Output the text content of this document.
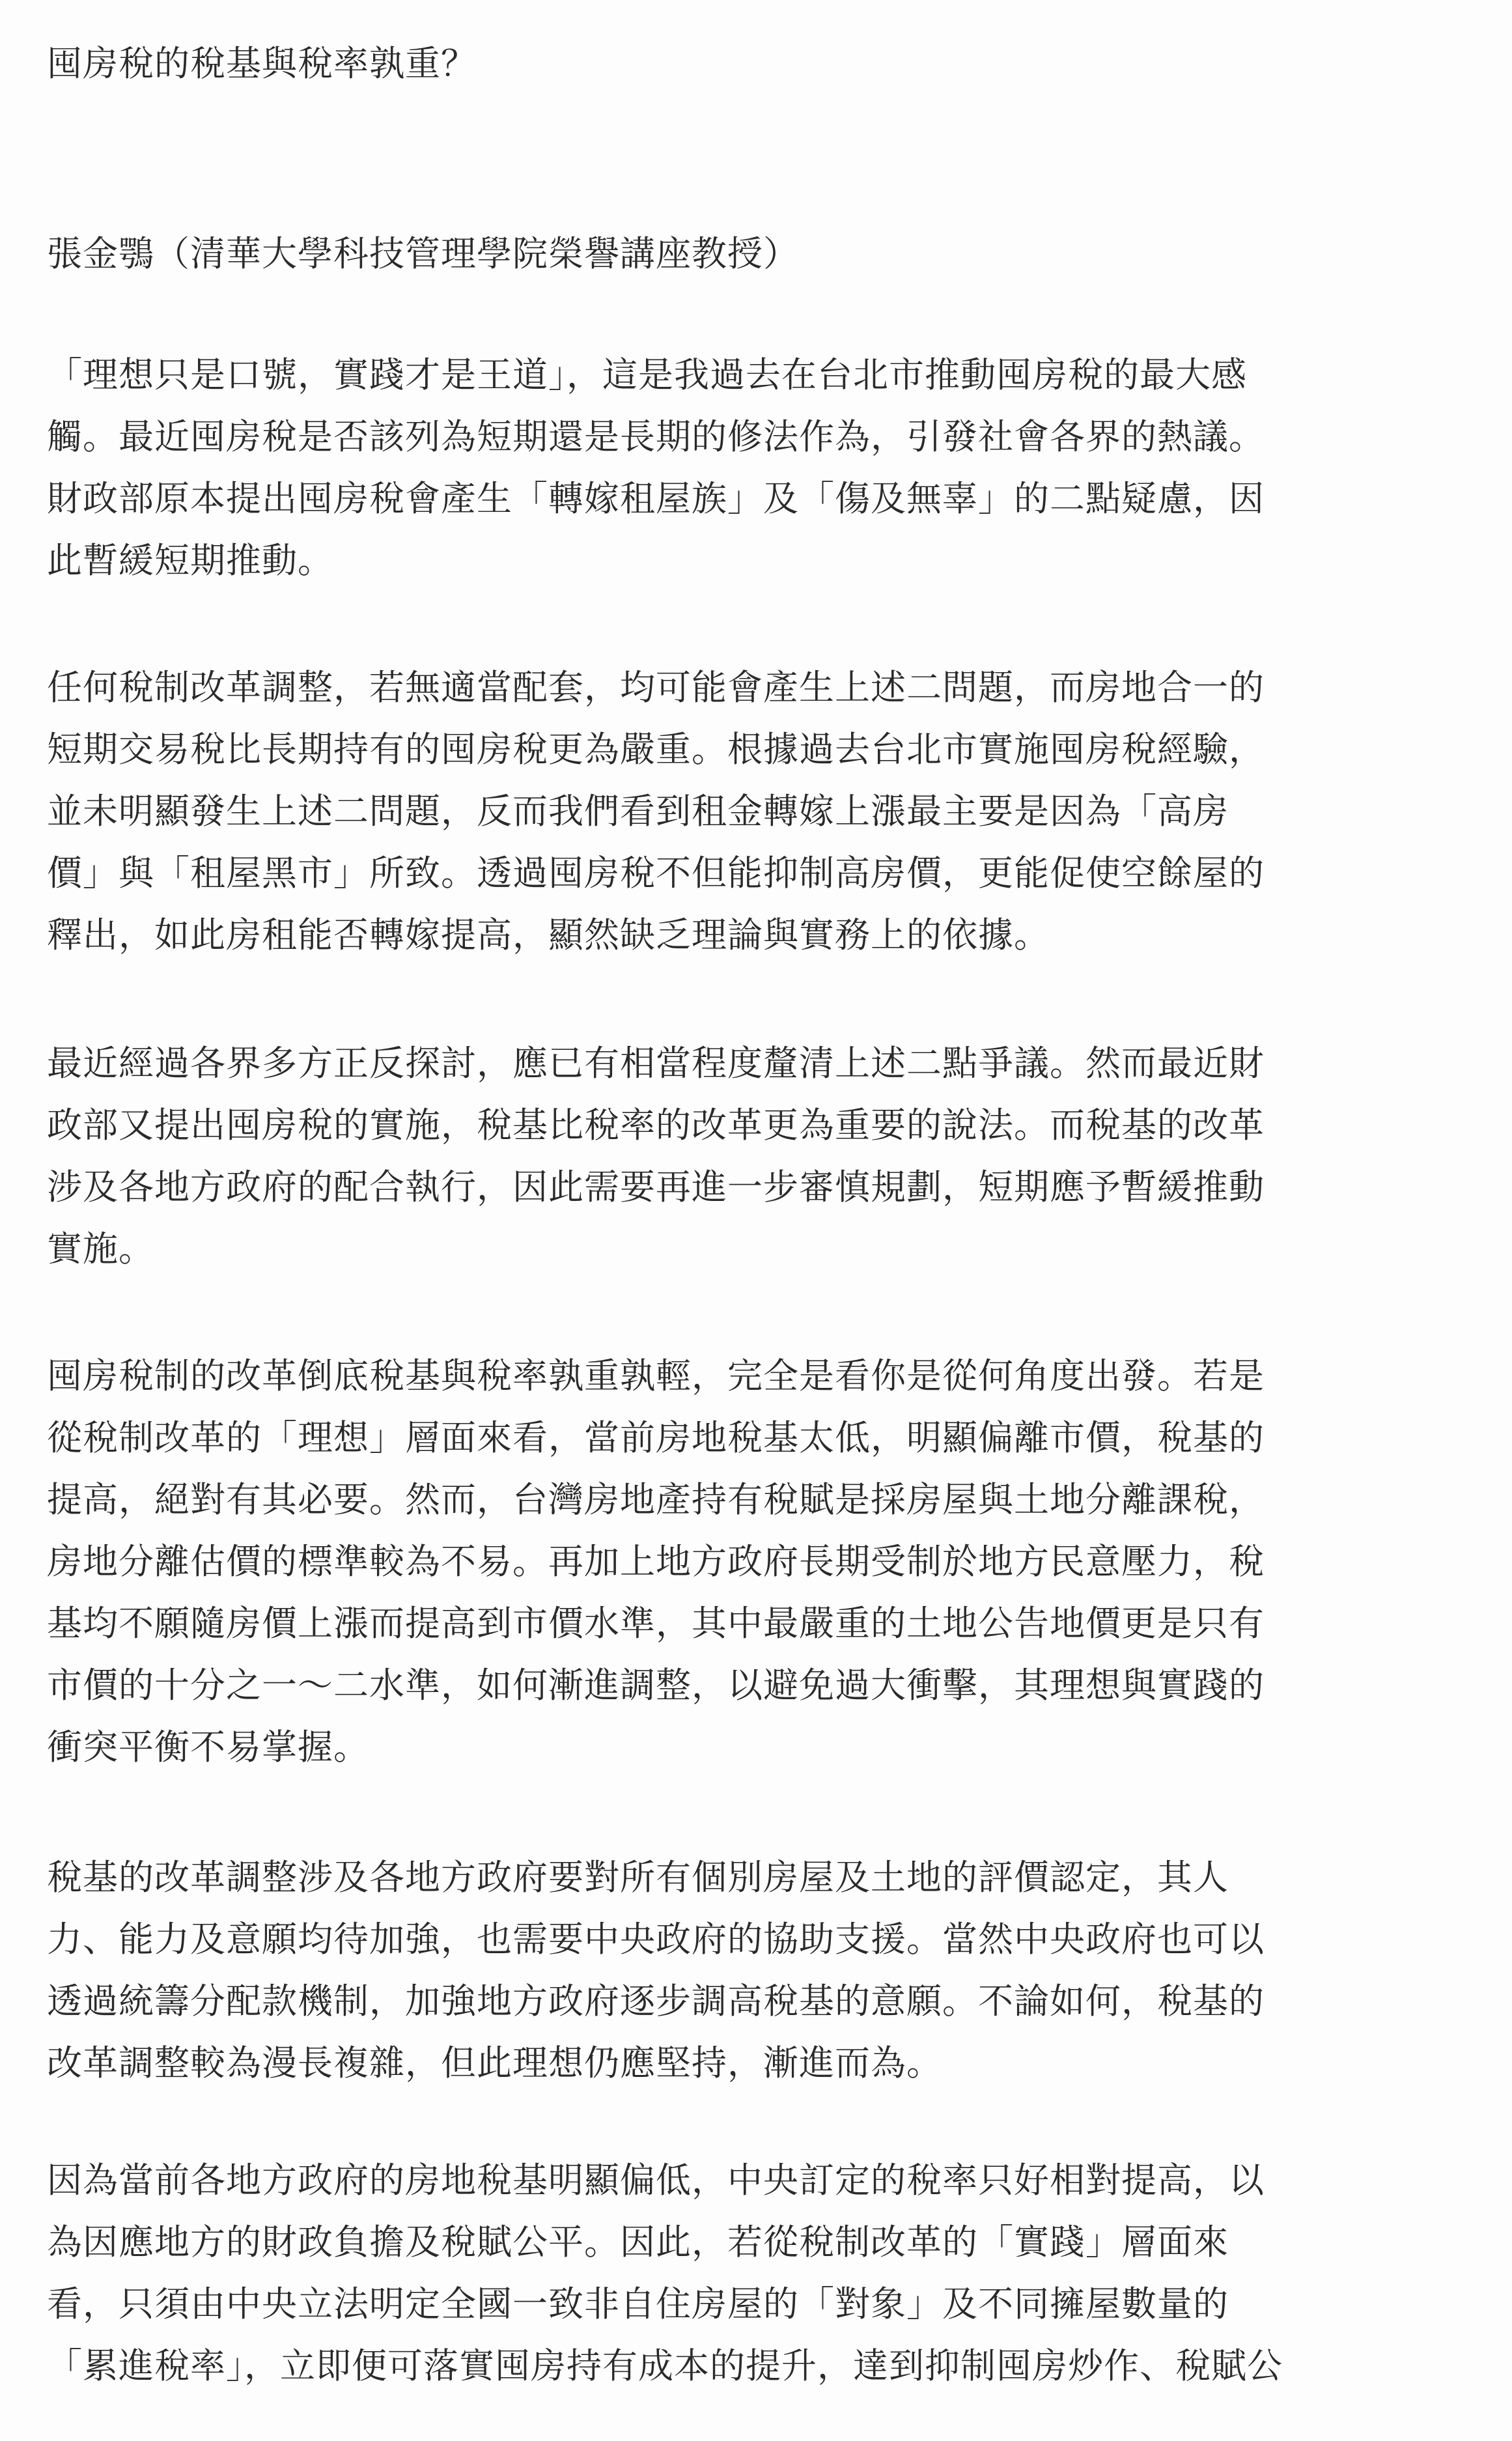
囤房稅的稅基與稅率孰重？
張金鶚（清華大學科技管理學院榮譽講座教授）
「理想只是口號，實踐才是王道」，這是我過去在台北市推動囤房稅的最大感
觸。最近囤房稅是否該列為短期還是長期的修法作為，引發社會各界的熱議。
財政部原本提出囤房稅會產生「轉嫁租屋族」及「傷及無辜」的二點疑慮，因
此暫緩短期推動。
任何稅制改革調整，若無適當配套，均可能會產生上述二問題，而房地合一的
短期交易稅比長期持有的囤房稅更為嚴重。根據過去台北市實施囤房稅經驗，
並未明顯發生上述二問題，反而我們看到租金轉嫁上漲最主要是因為「高房
價」與「租屋黑市」所致。透過囤房稅不但能抑制高房價，更能促使空餘屋的
釋出，如此房租能否轉嫁提高，顯然缺乏理論與實務上的依據。
最近經過各界多方正反探討，應已有相當程度釐清上述二點爭議。然而最近財
政部又提出囤房稅的實施，稅基比稅率的改革更為重要的說法。而稅基的改革
涉及各地方政府的配合執行，因此需要再進一步審慎規劃，短期應予暫緩推動
實施。
囤房稅制的改革倒底稅基與稅率孰重孰輕，完全是看你是從何角度出發。若是
從稅制改革的「理想」層面來看，當前房地稅基太低，明顯偏離市價，稅基的
提高，絕對有其必要。然而，台灣房地產持有稅賦是採房屋與土地分離課稅，
房地分離估價的標準較為不易。再加上地方政府長期受制於地方民意壓力，稅
基均不願隨房價上漲而提高到市價水準，其中最嚴重的土地公告地價更是只有
市價的十分之一～二水準，如何漸進調整，以避免過大衝擊，其理想與實踐的
衝突平衡不易掌握。
稅基的改革調整涉及各地方政府要對所有個別房屋及土地的評價認定，其人
力、能力及意願均待加強，也需要中央政府的協助支援。當然中央政府也可以
透過統籌分配款機制，加強地方政府逐步調高稅基的意願。不論如何，稅基的
改革調整較為漫長複雜，但此理想仍應堅持，漸進而為。
因為當前各地方政府的房地稅基明顯偏低，中央訂定的稅率只好相對提高，以
為因應地方的財政負擔及稅賦公平。因此，若從稅制改革的「實踐」層面來
看，只須由中央立法明定全國一致非自住房屋的「對象」及不同擁屋數量的
「累進稅率」，立即便可落實囤房持有成本的提升，達到抑制囤房炒作、稅賦公
